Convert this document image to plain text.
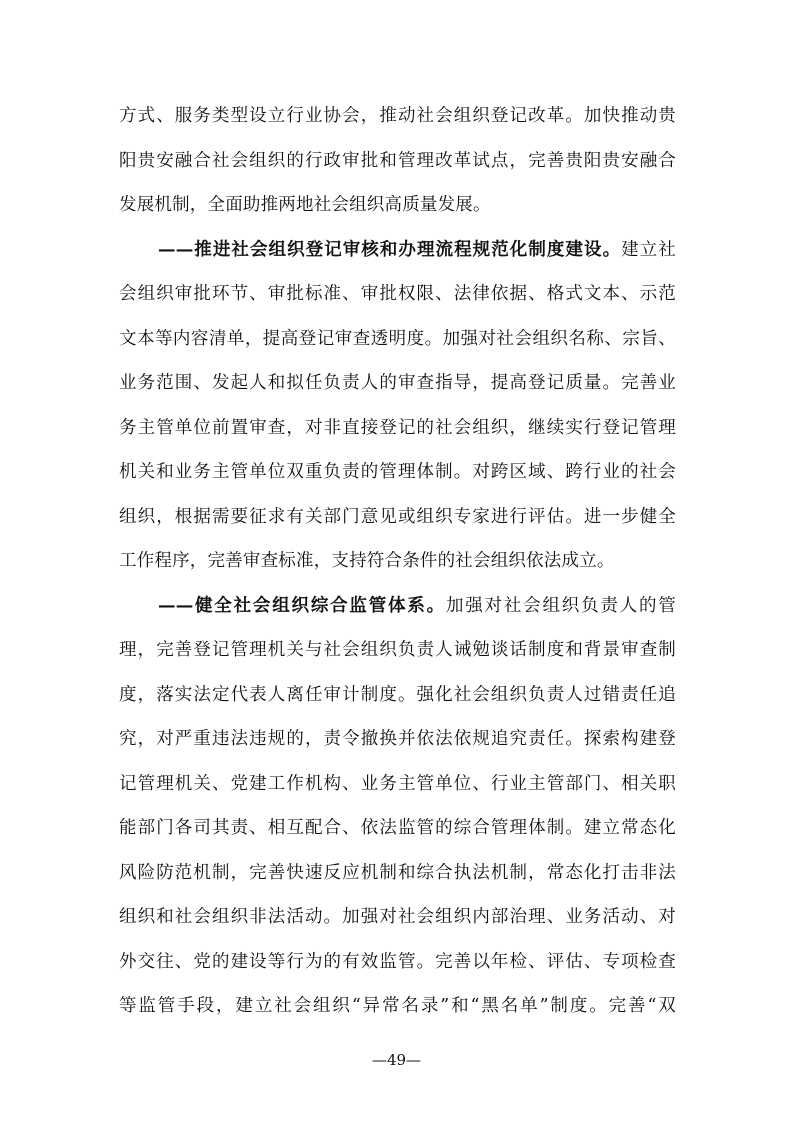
方式、服务类型设立行业协会，推动社会组织登记改革。加快推动贵
阳贵安融合社会组织的行政审批和管理改革试点，完善贵阳贵安融合
发展机制，全面助推两地社会组织高质量发展。
——推进社会组织登记审核和办理流程规范化制度建设。建立社
会组织审批环节、审批标准、审批权限、法律依据、格式文本、示范
文本等内容清单，提高登记审查透明度。加强对社会组织名称、宗旨、
业务范围、发起人和拟任负责人的审查指导，提高登记质量。完善业
务主管单位前置审查，对非直接登记的社会组织，继续实行登记管理
机关和业务主管单位双重负责的管理体制。对跨区域、跨行业的社会
组织，根据需要征求有关部门意见或组织专家进行评估。进一步健全
工作程序，完善审查标准，支持符合条件的社会组织依法成立。
——健全社会组织综合监管体系。加强对社会组织负责人的管
理，完善登记管理机关与社会组织负责人诫勉谈话制度和背景审查制
度，落实法定代表人离任审计制度。强化社会组织负责人过错责任追
究，对严重违法违规的，责令撤换并依法依规追究责任。探索构建登
记管理机关、党建工作机构、业务主管单位、行业主管部门、相关职
能部门各司其责、相互配合、依法监管的综合管理体制。建立常态化
风险防范机制，完善快速反应机制和综合执法机制，常态化打击非法
组织和社会组织非法活动。加强对社会组织内部治理、业务活动、对
外交往、党的建设等行为的有效监管。完善以年检、评估、专项检查
等监管手段，建立社会组织“异常名录”和“黑名单”制度。完善“双
—49—
